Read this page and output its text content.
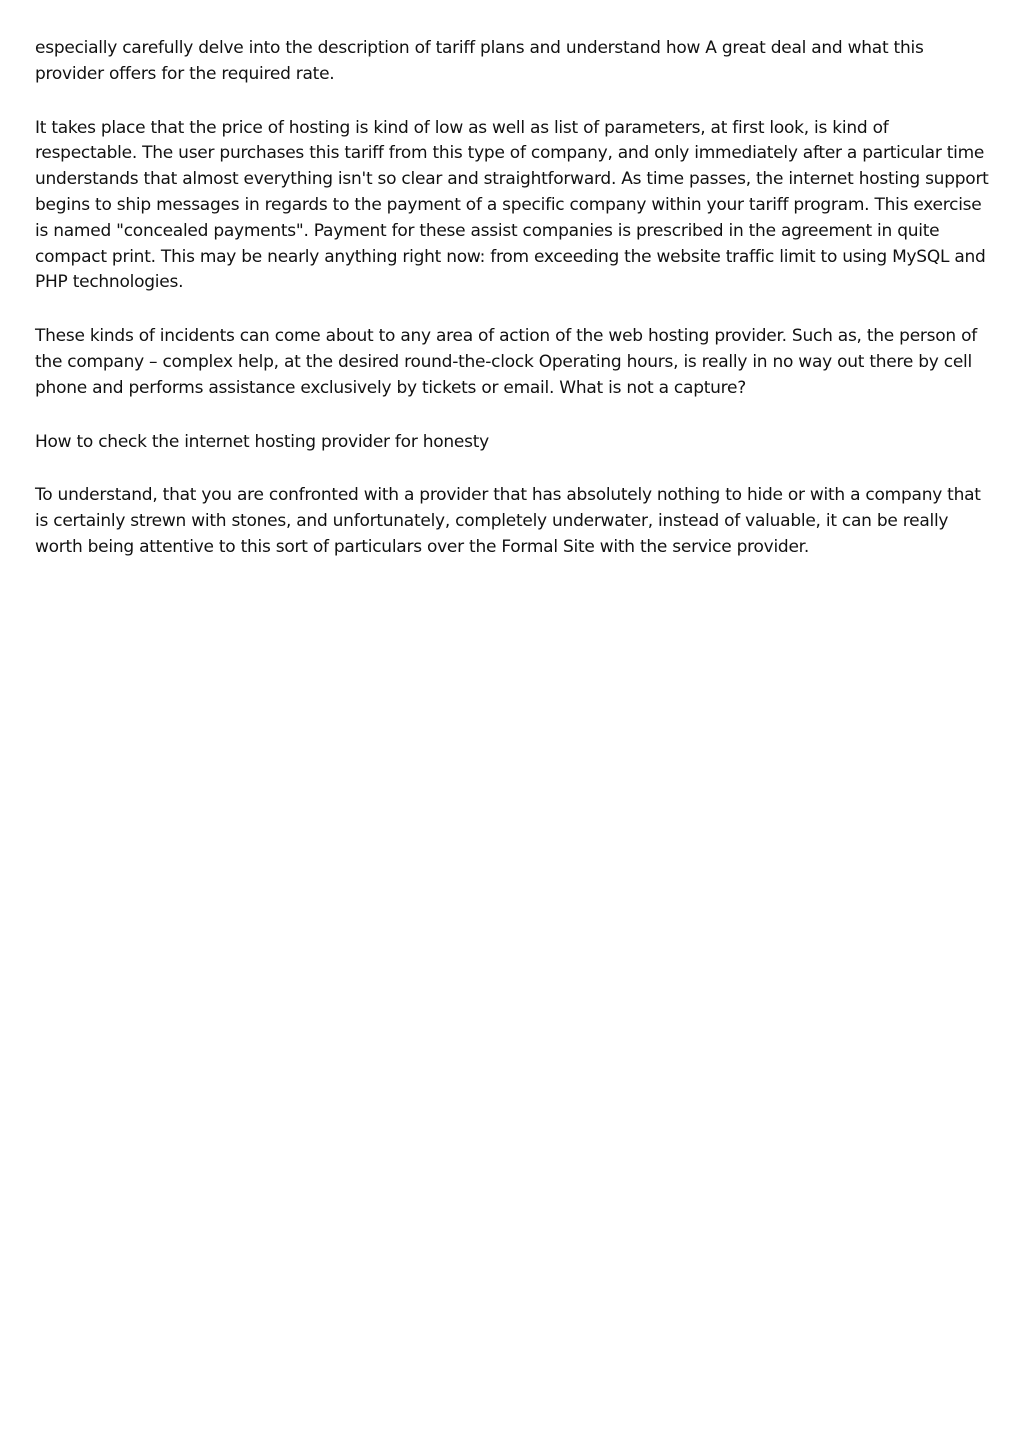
especially carefully delve into the description of tariff plans and understand how A great deal and what this provider offers for the required rate.

It takes place that the price of hosting is kind of low as well as list of parameters, at first look, is kind of respectable. The user purchases this tariff from this type of company, and only immediately after a particular time understands that almost everything isn't so clear and straightforward. As time passes, the internet hosting support begins to ship messages in regards to the payment of a specific company within your tariff program. This exercise is named "concealed payments". Payment for these assist companies is prescribed in the agreement in quite compact print. This may be nearly anything right now: from exceeding the website traffic limit to using MySQL and PHP technologies.

These kinds of incidents can come about to any area of action of the web hosting provider. Such as, the person of the company – complex help, at the desired round-the-clock Operating hours, is really in no way out there by cell phone and performs assistance exclusively by tickets or email. What is not a capture?

How to check the internet hosting provider for honesty

To understand, that you are confronted with a provider that has absolutely nothing to hide or with a company that is certainly strewn with stones, and unfortunately, completely underwater, instead of valuable, it can be really worth being attentive to this sort of particulars over the Formal Site with the service provider.
